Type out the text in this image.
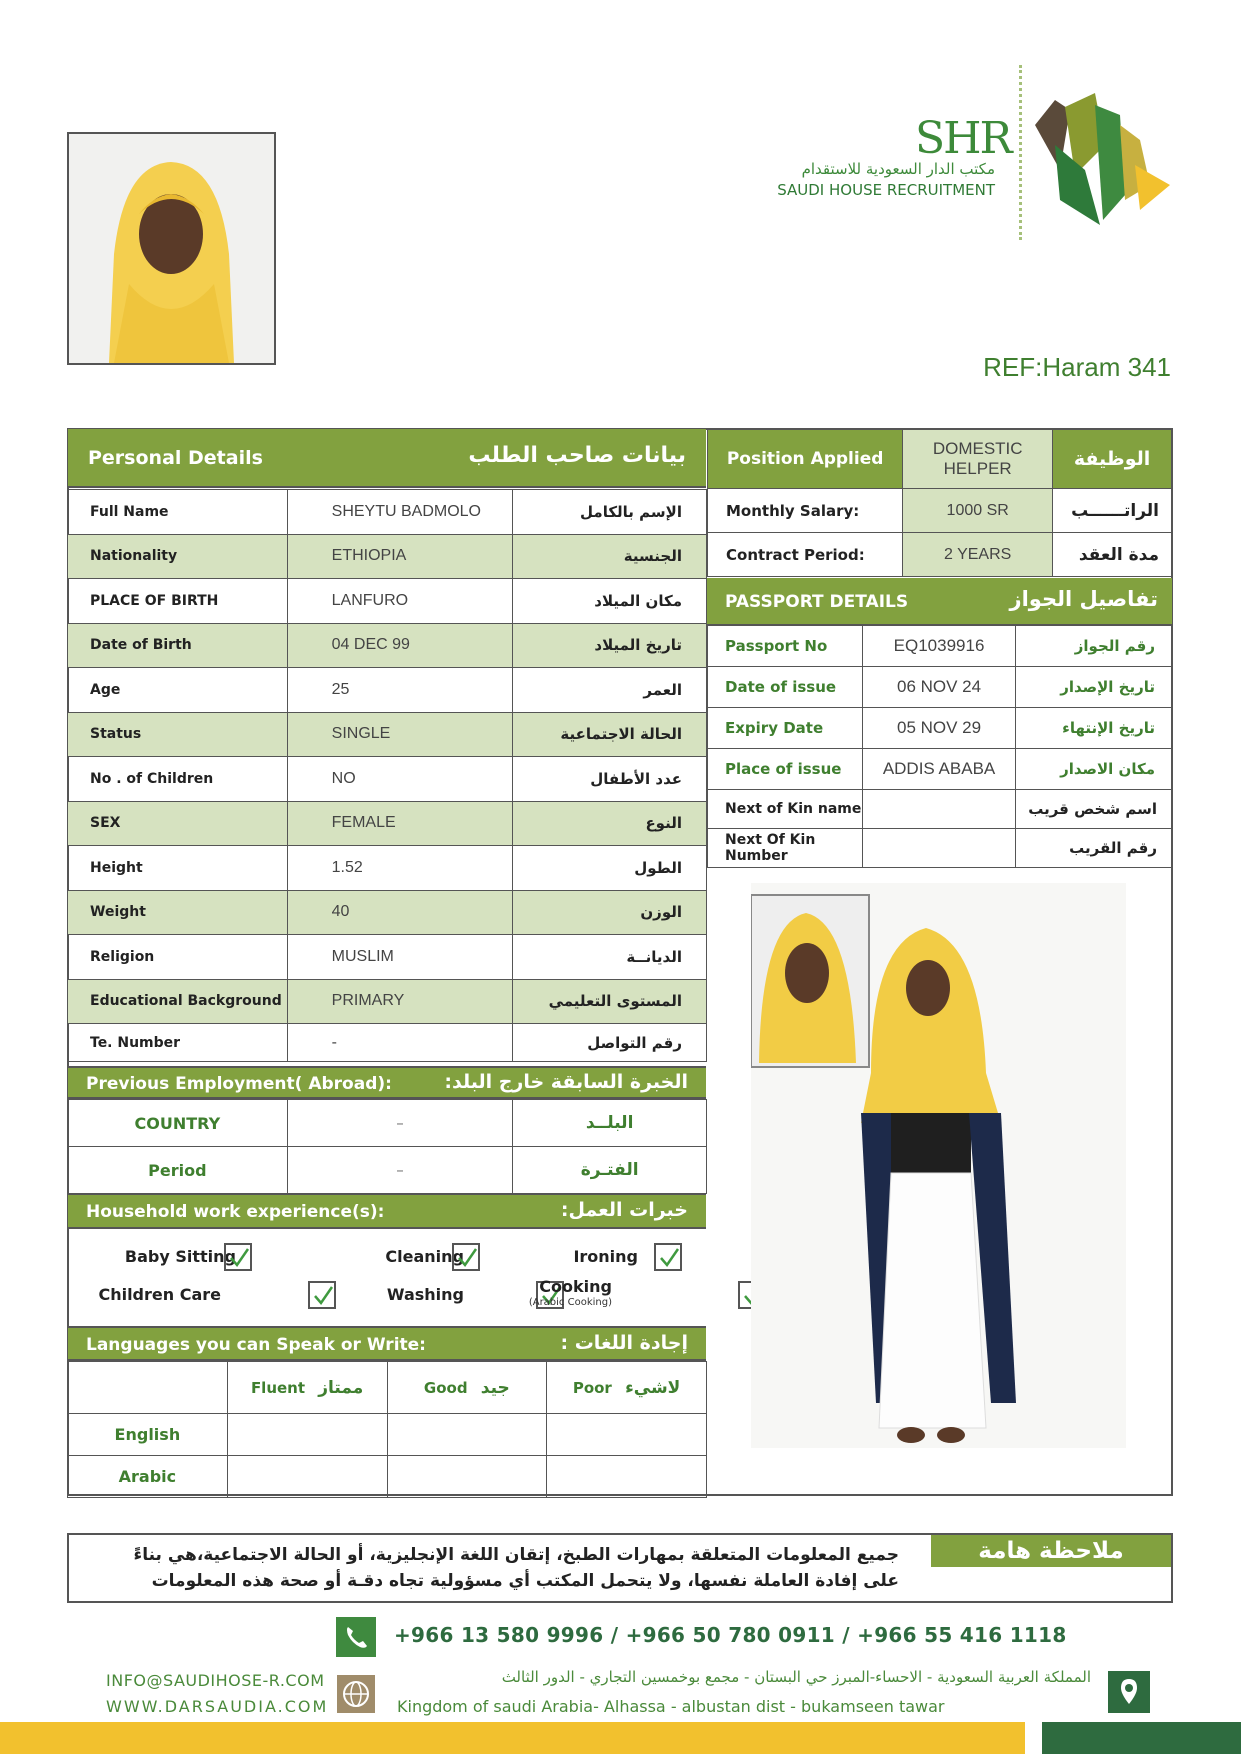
SHR
مكتب الدار السعودية للاستقدام
SAUDI HOUSE RECRUITMENT
REF:Haram 341
Personal Details	بيانات صاحب الطلب
Full Name	SHEYTU BADMOLO	الإسم بالكامل
Nationality	ETHIOPIA	الجنسية
PLACE OF BIRTH	LANFURO	مكان الميلاد
Date of Birth	04 DEC 99	تاريخ الميلاد
Age	25	العمر
Status	SINGLE	الحالة الاجتماعية
No . of Children	NO	عدد الأطفال
SEX	FEMALE	النوع
Height	1.52	الطول
Weight	40	الوزن
Religion	MUSLIM	الديانــة
Educational Background	PRIMARY	المستوى التعليمي
Te. Number	-	رقم التواصل
Previous Employment( Abroad):	الخبرة السابقة خارج البلد:
COUNTRY	–	البلــد
Period	–	الفتـرة
Household work experience(s):	خبرات العمل:
Baby Sitting	Cleaning	Ironing
Children Care	Washing	Cooking
(Arabic Cooking)
Languages you can Speak or Write:	إجادة اللغات :
	Fluent ممتاز	Good جيد	Poor لاشيء
English			
Arabic			
Position Applied	DOMESTIC HELPER	الوظيفة
Monthly Salary:	1000 SR	الراتــــــب
Contract Period:	2 YEARS	مدة العقد
PASSPORT DETAILS	تفاصيل الجواز
Passport No	EQ1039916	رقم الجواز
Date of issue	06 NOV 24	تاريخ الإصدار
Expiry Date	05 NOV 29	تاريخ الإنتهاء
Place of issue	ADDIS ABABA	مكان الاصدار
Next of Kin name		اسم شخص قريب
Next Of Kin Number		رقم القريب
ملاحظة هامة
جميع المعلومات المتعلقة بمهارات الطبخ، إتقان اللغة الإنجليزية، أو الحالة الاجتماعية،هي بناءً
على إفادة العاملة نفسها، ولا يتحمل المكتب أي مسؤولية تجاه دقـة أو صحة هذه المعلومات
+966 13 580 9996 / +966 50 780 0911 / +966 55 416 1118
INFO@SAUDIHOSE-R.COM
WWW.DARSAUDIA.COM
المملكة العربية السعودية - الاحساء-المبرز حي البستان - مجمع بوخمسين التجاري - الدور الثالث
Kingdom of saudi Arabia- Alhassa - albustan dist - bukamseen tawar
